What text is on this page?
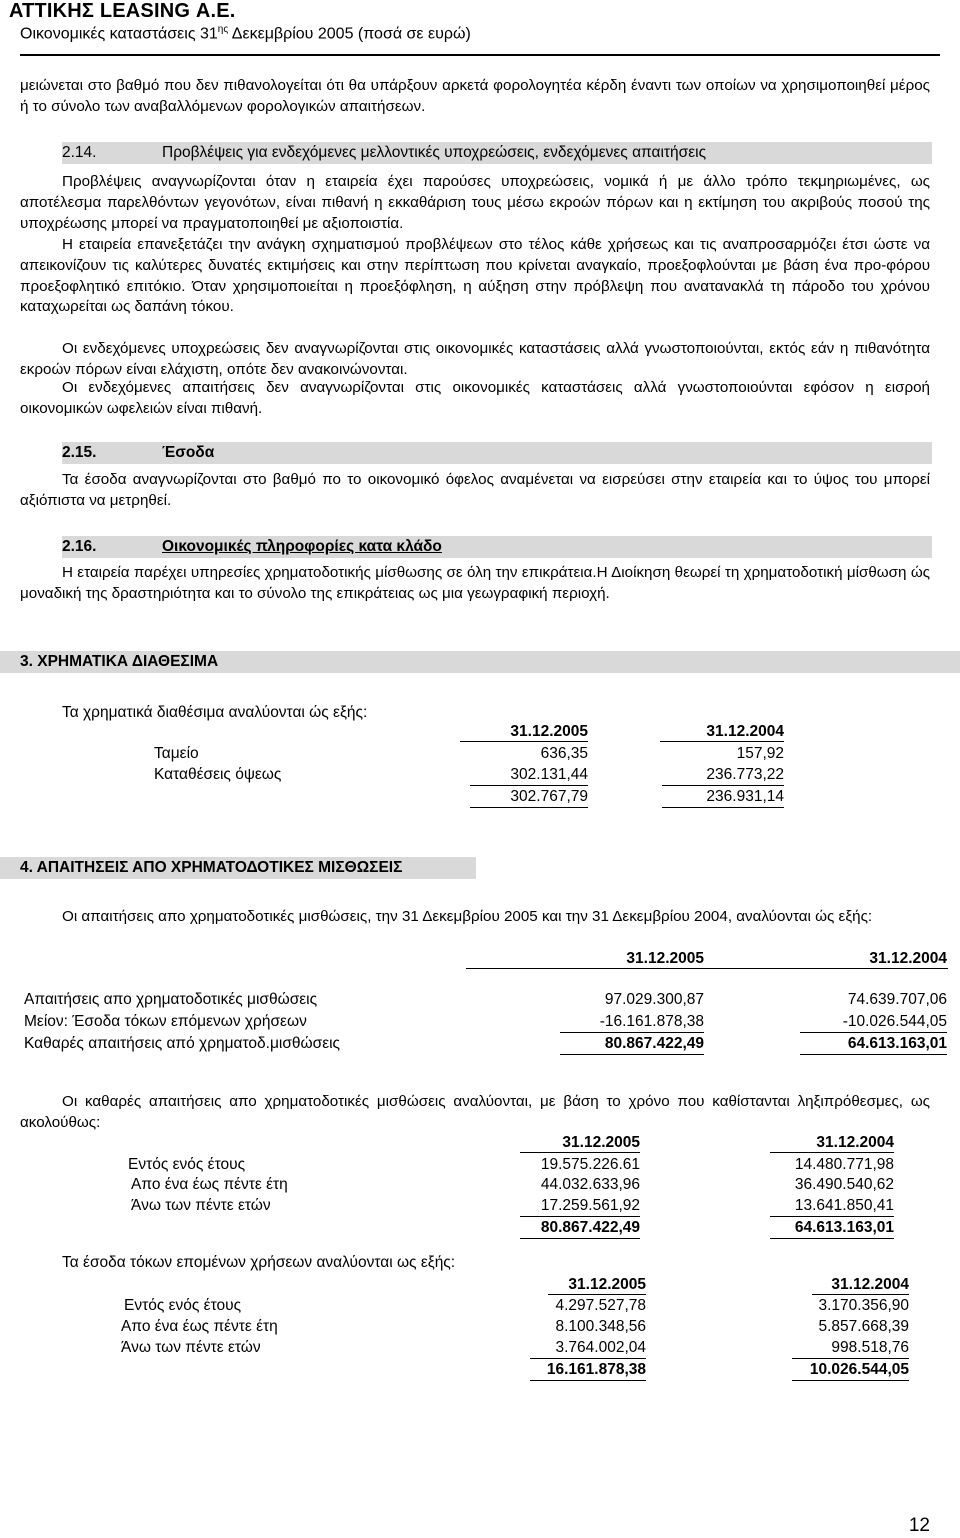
ΑΤΤΙΚΗΣ LEASING Α.Ε.
Οικονομικές καταστάσεις $31^{\eta\varsigma}$ Δεκεμβρίου 2005 (ποσά σε ευρώ)
μειώνεται στο βαθμό που δεν πιθανολογείται ότι θα υπάρξουν αρκετά φορολογητέα κέρδη έναντι των οποίων να χρησιμοποιηθεί μέρος ή το σύνολο των αναβαλλόμενων φορολογικών απαιτήσεων.
2.14.	Προβλέψεις για ενδεχόμενες μελλοντικές υποχρεώσεις, ενδεχόμενες απαιτήσεις
Προβλέψεις αναγνωρίζονται όταν η εταιρεία έχει παρούσες υποχρεώσεις, νομικά ή με άλλο τρόπο τεκμηριωμένες, ως αποτέλεσμα παρελθόντων γεγονότων, είναι πιθανή η εκκαθάριση τους μέσω εκροών πόρων και η εκτίμηση του ακριβούς ποσού της υποχρέωσης μπορεί να πραγματοποιηθεί με αξιοποιστία.
Η εταιρεία επανεξετάζει την ανάγκη σχηματισμού προβλέψεων στο τέλος κάθε χρήσεως και τις αναπροσαρμόζει έτσι ώστε να απεικονίζουν τις καλύτερες δυνατές εκτιμήσεις και στην περίπτωση που κρίνεται αναγκαίο, προεξοφλούνται με βάση ένα προ-φόρου προεξοφλητικό επιτόκιο. Όταν χρησιμοποιείται η προεξόφληση, η αύξηση στην πρόβλεψη που ανατανακλά τη πάροδο του χρόνου καταχωρείται ως δαπάνη τόκου.
Οι ενδεχόμενες υποχρεώσεις δεν αναγνωρίζονται στις οικονομικές καταστάσεις αλλά γνωστοποιούνται, εκτός εάν η πιθανότητα εκροών πόρων είναι ελάχιστη, οπότε δεν ανακοινώνονται.
Οι ενδεχόμενες απαιτήσεις δεν αναγνωρίζονται στις οικονομικές καταστάσεις αλλά γνωστοποιούνται εφόσον η εισροή οικονομικών ωφελειών είναι πιθανή.
2.15.	Έσοδα
Τα έσοδα αναγνωρίζονται στο βαθμό πο το οικονομικό όφελος αναμένεται να εισρεύσει στην εταιρεία και το ύψος του μπορεί αξιόπιστα να μετρηθεί.
2.16.	Οικονομικές πληροφορίες κατα κλάδο
Η εταιρεία παρέχει υπηρεσίες χρηματοδοτικής μίσθωσης σε όλη την επικράτεια.Η Διοίκηση θεωρεί τη χρηματοδοτική μίσθωση ώς μοναδική της δραστηριότητα και το σύνολο της επικράτειας ως μια γεωγραφική περιοχή.
3. ΧΡΗΜΑΤΙΚΑ ΔΙΑΘΕΣΙΜΑ
Τα χρηματικά διαθέσιμα αναλύονται ώς εξής:
31.12.2005	31.12.2004
Ταμείο	636,35	157,92
Καταθέσεις όψεως	302.131,44	236.773,22
302.767,79	236.931,14
4. ΑΠΑΙΤΗΣΕΙΣ ΑΠΟ ΧΡΗΜΑΤΟΔΟΤΙΚΕΣ ΜΙΣΘΩΣΕΙΣ
Οι απαιτήσεις απο χρηματοδοτικές μισθώσεις, την 31 Δεκεμβρίου 2005 και την 31 Δεκεμβρίου 2004, αναλύονται ώς εξής:
31.12.2005	31.12.2004
Απαιτήσεις απο χρηματοδοτικές μισθώσεις	97.029.300,87	74.639.707,06
Μείον: Έσοδα τόκων επόμενων χρήσεων	-16.161.878,38	-10.026.544,05
Καθαρές απαιτήσεις από χρηματοδ.μισθώσεις	80.867.422,49	64.613.163,01
Οι καθαρές απαιτήσεις απο χρηματοδοτικές μισθώσεις αναλύονται, με βάση το χρόνο που καθίστανται ληξιπρόθεσμες, ως ακολούθως:
31.12.2005	31.12.2004
Εντός ενός έτους	19.575.226.61	14.480.771,98
Απο ένα έως πέντε έτη	44.032.633,96	36.490.540,62
Άνω των πέντε ετών	17.259.561,92	13.641.850,41
80.867.422,49	64.613.163,01
Τα έσοδα τόκων επομένων χρήσεων αναλύονται ως εξής:
31.12.2005	31.12.2004
Εντός ενός έτους	4.297.527,78	3.170.356,90
Απο ένα έως πέντε έτη	8.100.348,56	5.857.668,39
Άνω των πέντε ετών	3.764.002,04	998.518,76
16.161.878,38	10.026.544,05
12
